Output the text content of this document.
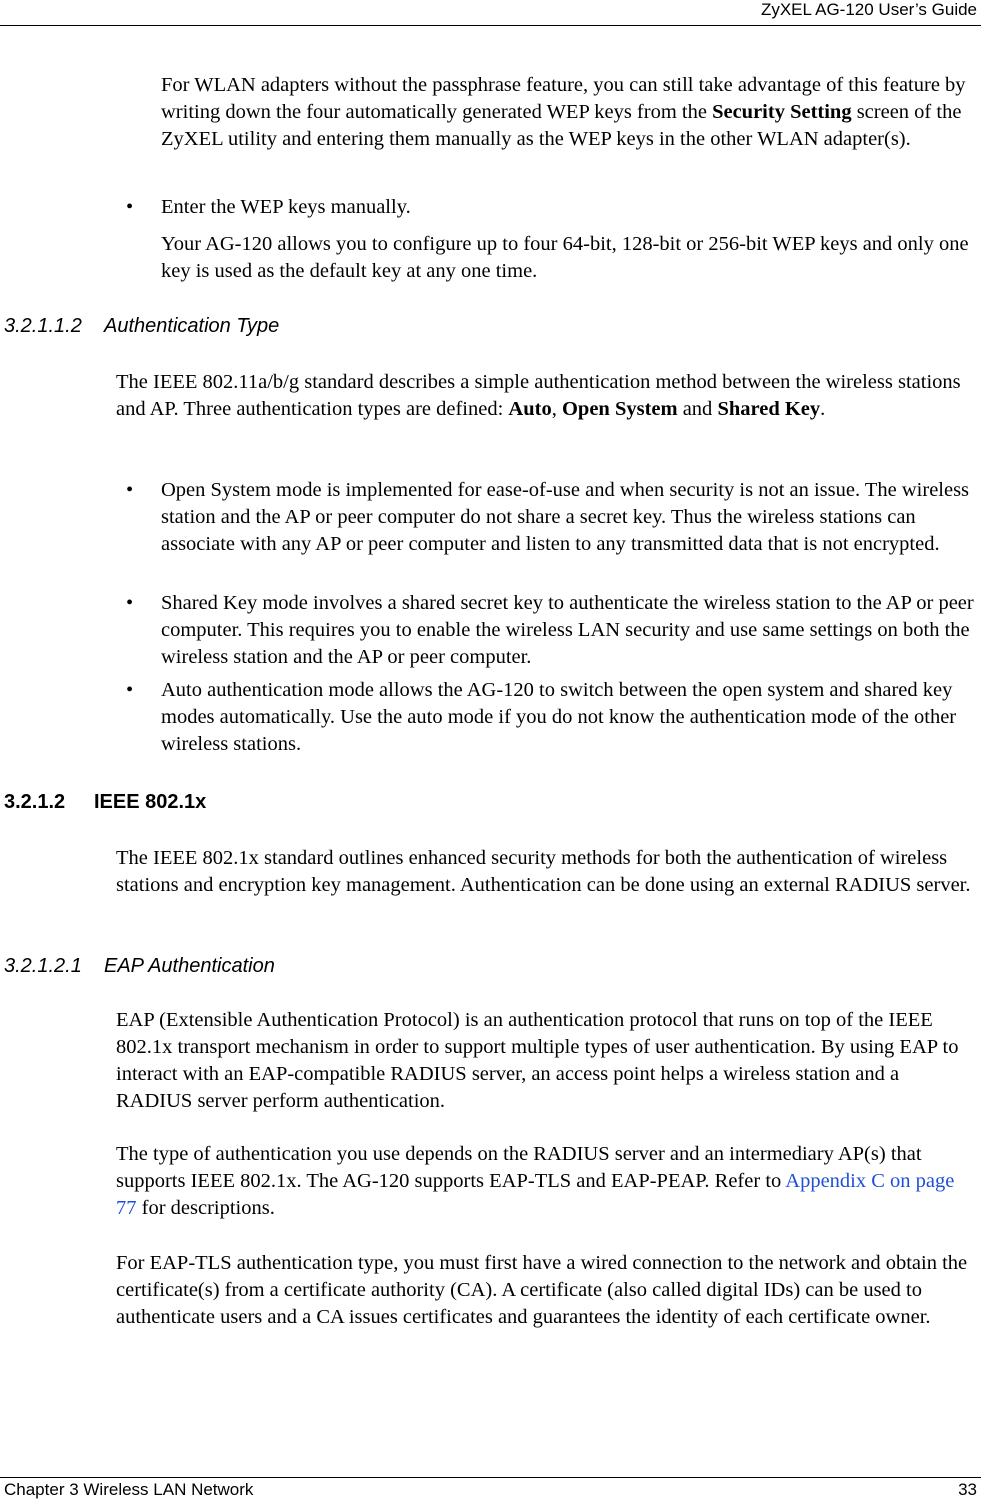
ZyXEL AG-120 User’s Guide
For WLAN adapters without the passphrase feature, you can still take advantage of this feature by writing down the four automatically generated WEP keys from the Security Setting screen of the ZyXEL utility and entering them manually as the WEP keys in the other WLAN adapter(s).
•	Enter the WEP keys manually.
Your AG-120 allows you to configure up to four 64-bit, 128-bit or 256-bit WEP keys and only one key is used as the default key at any one time.
3.2.1.1.2 Authentication Type
The IEEE 802.11a/b/g standard describes a simple authentication method between the wireless stations and AP. Three authentication types are defined: Auto, Open System and Shared Key.
•	Open System mode is implemented for ease-of-use and when security is not an issue. The wireless station and the AP or peer computer do not share a secret key. Thus the wireless stations can associate with any AP or peer computer and listen to any transmitted data that is not encrypted.
•	Shared Key mode involves a shared secret key to authenticate the wireless station to the AP or peer computer. This requires you to enable the wireless LAN security and use same settings on both the wireless station and the AP or peer computer.
•	Auto authentication mode allows the AG-120 to switch between the open system and shared key modes automatically. Use the auto mode if you do not know the authentication mode of the other wireless stations.
3.2.1.2 IEEE 802.1x
The IEEE 802.1x standard outlines enhanced security methods for both the authentication of wireless stations and encryption key management. Authentication can be done using an external RADIUS server.
3.2.1.2.1 EAP Authentication
EAP (Extensible Authentication Protocol) is an authentication protocol that runs on top of the IEEE 802.1x transport mechanism in order to support multiple types of user authentication. By using EAP to interact with an EAP-compatible RADIUS server, an access point helps a wireless station and a RADIUS server perform authentication.
The type of authentication you use depends on the RADIUS server and an intermediary AP(s) that supports IEEE 802.1x. The AG-120 supports EAP-TLS and EAP-PEAP. Refer to Appendix C on page 77 for descriptions.
For EAP-TLS authentication type, you must first have a wired connection to the network and obtain the certificate(s) from a certificate authority (CA). A certificate (also called digital IDs) can be used to authenticate users and a CA issues certificates and guarantees the identity of each certificate owner.
Chapter 3 Wireless LAN Network	33
